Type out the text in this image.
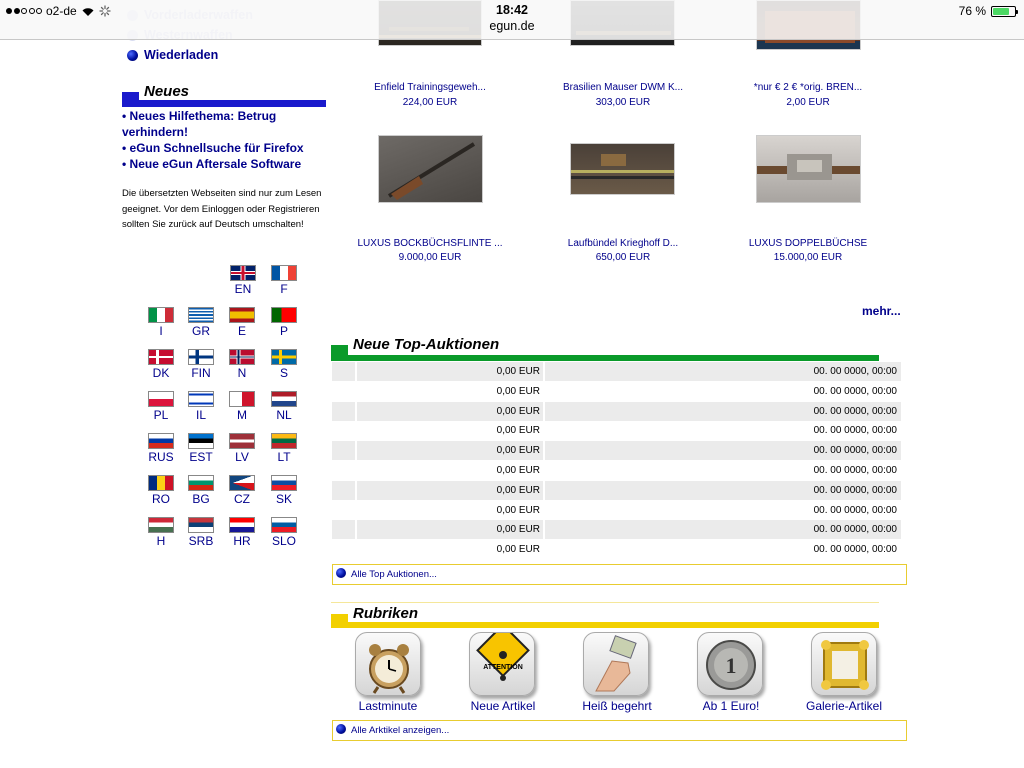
Wiederladen
Neues
• Neues Hilfethema: Betrug verhindern!
• eGun Schnellsuche für Firefox
• Neue eGun Aftersale Software
Die übersetzten Webseiten sind nur zum Lesen geeignet. Vor dem Einloggen oder Registrieren sollten Sie zurück auf Deutsch umschalten!
EN	F
I	GR	E	P
DK	FIN	N	S
PL	IL	M	NL
RUS	EST	LV	LT
RO	BG	CZ	SK
H	SRB	HR	SLO
Enfield Trainingsgeweh...
224,00 EUR
Brasilien Mauser DWM K...
303,00 EUR
*nur € 2 € *orig. BREN...
2,00 EUR
LUXUS BOCKBÜCHSFLINTE ...
9.000,00 EUR
Laufbündel Krieghoff D...
650,00 EUR
LUXUS DOPPELBÜCHSE
15.000,00 EUR
mehr...
Neue Top-Auktionen
0,00 EUR	00. 00 0000, 00:00
0,00 EUR	00. 00 0000, 00:00
0,00 EUR	00. 00 0000, 00:00
0,00 EUR	00. 00 0000, 00:00
0,00 EUR	00. 00 0000, 00:00
0,00 EUR	00. 00 0000, 00:00
0,00 EUR	00. 00 0000, 00:00
0,00 EUR	00. 00 0000, 00:00
0,00 EUR	00. 00 0000, 00:00
0,00 EUR	00. 00 0000, 00:00
Alle Top Auktionen...
Rubriken
ATTENTION	1
Lastminute	Neue Artikel	Heiß begehrt	Ab 1 Euro!	Galerie-Artikel
Alle Arktikel anzeigen...
o2-de	18:42
egun.de
76 %
